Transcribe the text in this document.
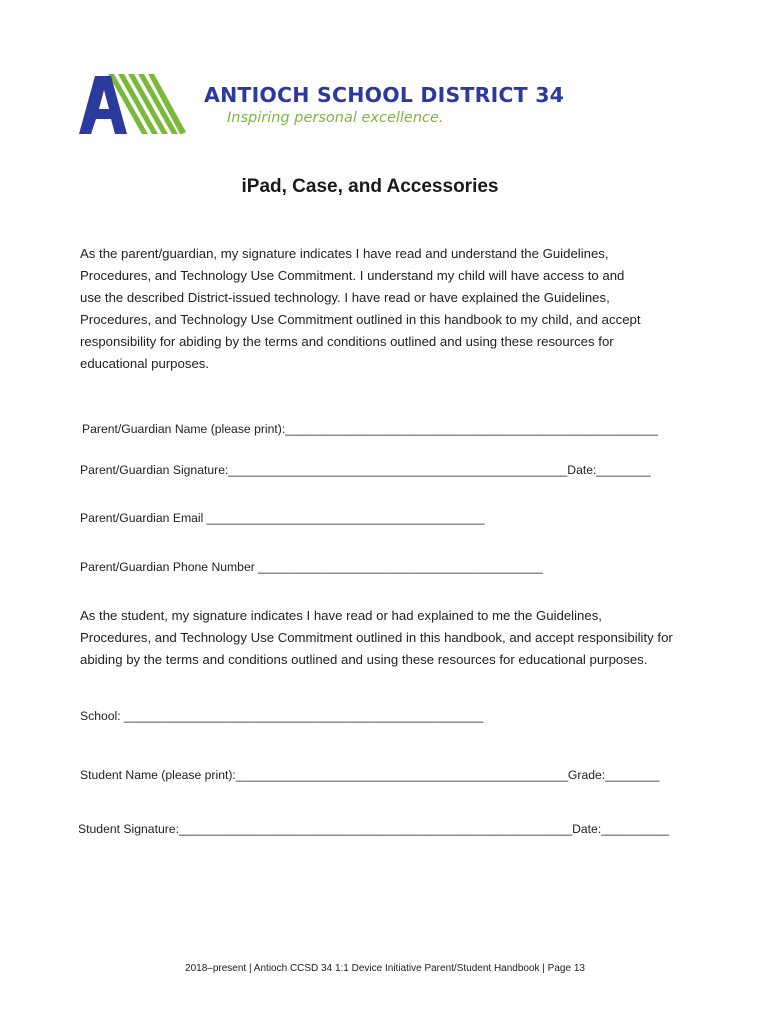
ANTIOCH SCHOOL DISTRICT 34
Inspiring personal excellence.
iPad, Case, and Accessories
As the parent/guardian, my signature indicates I have read and understand the Guidelines,
Procedures, and Technology Use Commitment. I understand my child will have access to and
use the described District-issued technology. I have read or have explained the Guidelines,
Procedures, and Technology Use Commitment outlined in this handbook to my child, and accept
responsibility for abiding by the terms and conditions outlined and using these resources for
educational purposes.
Parent/Guardian Name (please print):_______________________________________________________
Parent/Guardian Signature:__________________________________________________Date:________
Parent/Guardian Email _________________________________________
Parent/Guardian Phone Number __________________________________________
As the student, my signature indicates I have read or had explained to me the Guidelines,
Procedures, and Technology Use Commitment outlined in this handbook, and accept responsibility for
abiding by the terms and conditions outlined and using these resources for educational purposes.
School: _____________________________________________________
Student Name (please print):_________________________________________________Grade:________
Student Signature:__________________________________________________________Date:__________
2018–present | Antioch CCSD 34 1:1 Device Initiative Parent/Student Handbook | Page 13
